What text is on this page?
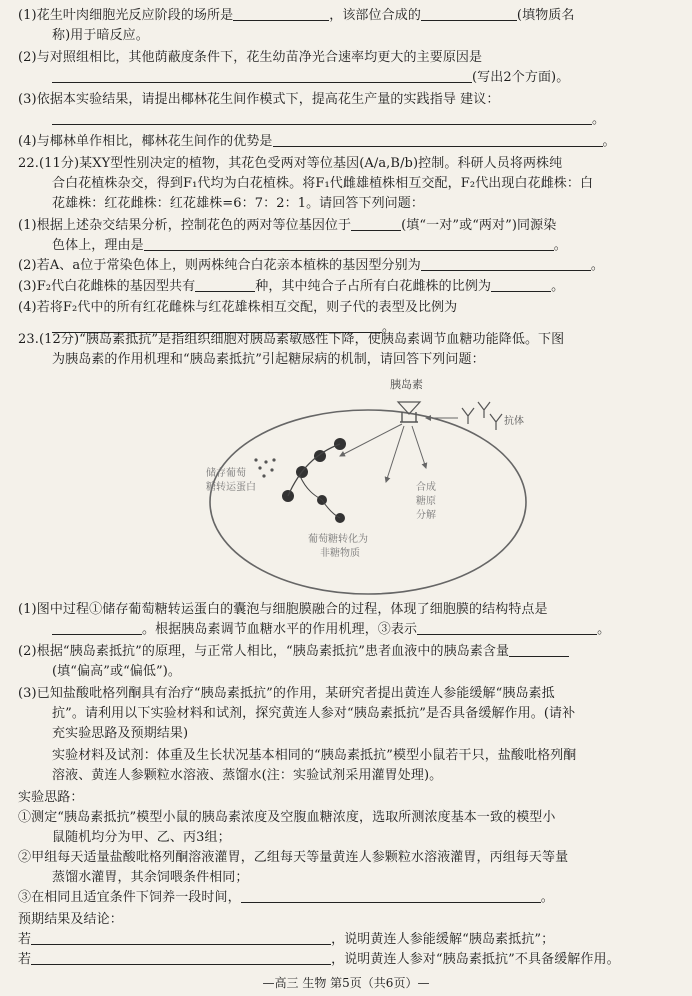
(1)花生叶肉细胞光反应阶段的场所是	，该部位合成的	(填物质名
称)用于暗反应。
(2)与对照组相比，其他荫蔽度条件下，花生幼苗净光合速率均更大的主要原因是
(写出2个方面)。
(3)依据本实验结果，请提出椰林花生间作模式下，提高花生产量的实践指导 建议：
。
(4)与椰林单作相比，椰林花生间作的优势是	。
22.(11分)某XY型性别决定的植物，其花色受两对等位基因(A/a,B/b)控制。科研人员将两株纯
合白花植株杂交，得到F₁代均为白花植株。将F₁代雌雄植株相互交配，F₂代出现白花雌株：白
花雄株：红花雌株：红花雄株=6：7：2：1。请回答下列问题：
(1)根据上述杂交结果分析，控制花色的两对等位基因位于	(填“一对”或“两对”)同源染
色体上，理由是	。
(2)若A、a位于常染色体上，则两株纯合白花亲本植株的基因型分别为	。
(3)F₂代白花雌株的基因型共有	种，其中纯合子占所有白花雌株的比例为	。
(4)若将F₂代中的所有红花雌株与红花雄株相互交配，则子代的表型及比例为
。
23.(12分)“胰岛素抵抗”是指组织细胞对胰岛素敏感性下降，使胰岛素调节血糖功能降低。下图
为胰岛素的作用机理和“胰岛素抵抗”引起糖尿病的机制，请回答下列问题：
胰岛素
抗体
储存葡萄
糖转运蛋白
葡萄糖转化为
非糖物质
合成
糖原
分解
(1)图中过程①储存葡萄糖转运蛋白的囊泡与细胞膜融合的过程，体现了细胞膜的结构特点是
。根据胰岛素调节血糖水平的作用机理，③表示	。
(2)根据“胰岛素抵抗”的原理，与正常人相比，“胰岛素抵抗”患者血液中的胰岛素含量
(填“偏高”或“偏低”)。
(3)已知盐酸吡格列酮具有治疗“胰岛素抵抗”的作用，某研究者提出黄连人参能缓解“胰岛素抵
抗”。请利用以下实验材料和试剂，探究黄连人参对“胰岛素抵抗”是否具备缓解作用。(请补
充实验思路及预期结果)
实验材料及试剂：体重及生长状况基本相同的“胰岛素抵抗”模型小鼠若干只，盐酸吡格列酮
溶液、黄连人参颗粒水溶液、蒸馏水(注：实验试剂采用灌胃处理)。
实验思路：
①测定“胰岛素抵抗”模型小鼠的胰岛素浓度及空腹血糖浓度，选取所测浓度基本一致的模型小
鼠随机均分为甲、乙、丙3组；
②甲组每天适量盐酸吡格列酮溶液灌胃，乙组每天等量黄连人参颗粒水溶液灌胃，丙组每天等量
蒸馏水灌胃，其余饲喂条件相同；
③在相同且适宜条件下饲养一段时间，	。
预期结果及结论：
若	，说明黄连人参能缓解“胰岛素抵抗”；
若	，说明黄连人参对“胰岛素抵抗”不具备缓解作用。
—高三 生物 第5页（共6页）—
